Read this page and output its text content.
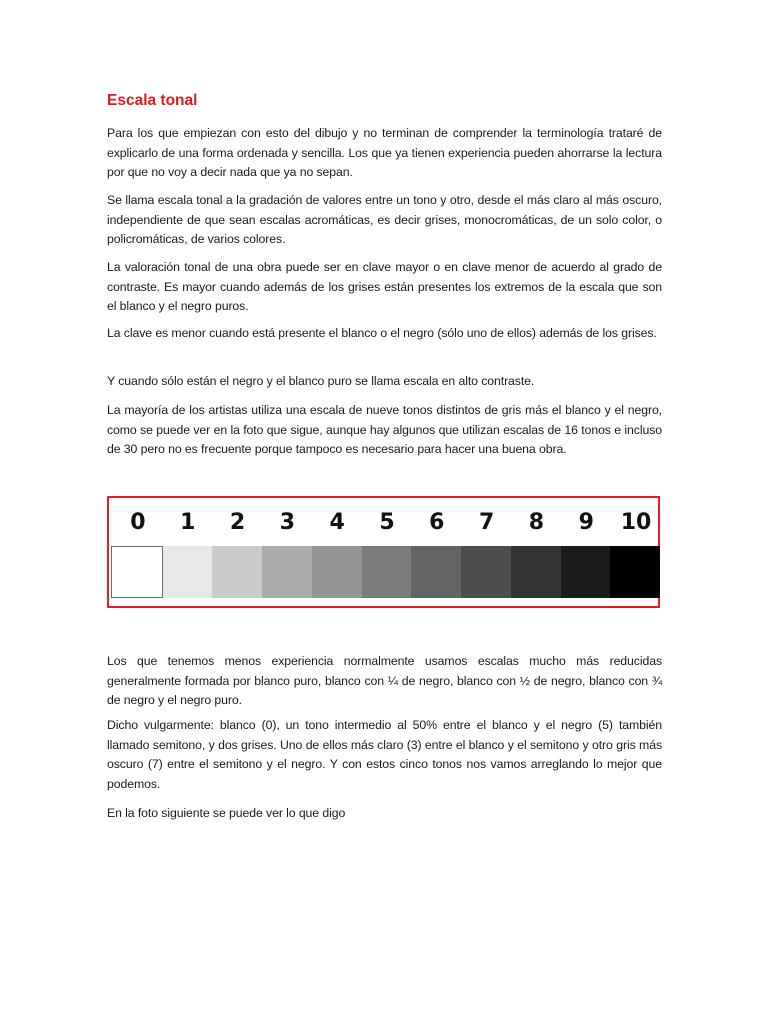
Escala tonal

Para los que empiezan con esto del dibujo y no terminan de comprender la terminología trataré de explicarlo de una forma ordenada y sencilla. Los que ya tienen experiencia pueden ahorrarse la lectura por que no voy a decir nada que ya no sepan.

Se llama escala tonal a la gradación de valores entre un tono y otro, desde el más claro al más oscuro, independiente de que sean escalas acromáticas, es decir grises, monocromáticas, de un solo color, o policromáticas, de varios colores.

La valoración tonal de una obra puede ser en clave mayor o en clave menor de acuerdo al grado de contraste. Es mayor cuando además de los grises están presentes los extremos de la escala que son el blanco y el negro puros.

La clave es menor cuando está presente el blanco o el negro (sólo uno de ellos) además de los grises.

Y cuando sólo están el negro y el blanco puro se llama escala en alto contraste.

La mayoría de los artistas utiliza una escala de nueve tonos distintos de gris más el blanco y el negro, como se puede ver en la foto que sigue, aunque hay algunos que utilizan escalas de 16 tonos e incluso de 30 pero no es frecuente porque tampoco es necesario para hacer una buena obra.

0	1	2	3	4	5	6	7	8	9	10

Los que tenemos menos experiencia normalmente usamos escalas mucho más reducidas generalmente formada por blanco puro, blanco con ¼ de negro, blanco con ½ de negro, blanco con ¾ de negro y el negro puro.

Dicho vulgarmente: blanco (0), un tono intermedio al 50% entre el blanco y el negro (5) también llamado semitono, y dos grises. Uno de ellos más claro (3) entre el blanco y el semitono y otro gris más oscuro (7) entre el semitono y el negro. Y con estos cinco tonos nos vamos arreglando lo mejor que podemos.

En la foto siguiente se puede ver lo que digo
